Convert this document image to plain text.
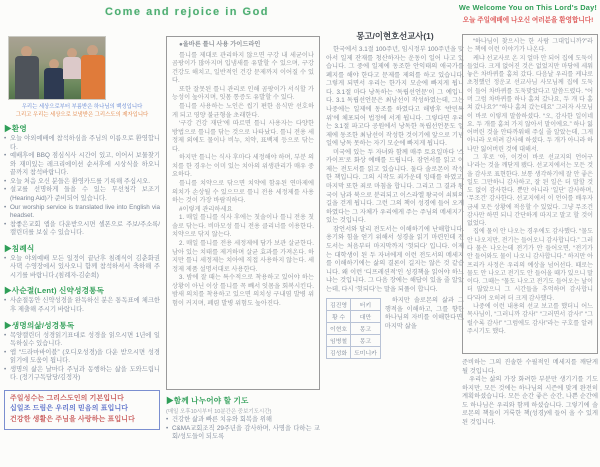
Come and rejoice in God	We Welcome You on This Lord's Day!
오늘 주일예배에 나오신 여러분을 환영합니다!
우리는 세상으로부터 부름받은 하나님의 백성입니다
그리고 우리는 세상으로 보냄받은 그리스도의 제자입니다
▶환영
• 오늘 야외예배에 참석하심을 주님의 이름으로 환영합니다.
• 예배후에 BBQ 점심식사 시간이 있고, 이어서 보물찾기와 재미있는 레크리에이션 순서후에 시상식을 하오니 끝까지 참석바랍니다.
• 오늘 처음 오신 분들은 환영카드를 기록해 주십시오.
• 설교를 선명하게 들을 수 있는 무선청각 보조기(Hearing Aid)가 준비되어 있습니다.
• Our worship service is translated live into English via headset.
• 참좋은교회 앱을 다운받으시면 셀폰으로 주보/주소록/캘린더를 보실 수 있습니다.
▶침례식
• 오늘 야외예배 모든 일정이 끝난후 침례식이 김춘화권사댁 수영장에서 있사오니 함께 참석하셔서 축하해 주시기를 바랍니다.(침례자-김순희)
▶사순절(Lent) 신약성경통독
• 사순절동안 신약성경을 완독하신 분은 통독표에 체크한 후 제출해 주시기 바랍니다.
▶생명의삶/성경통독
• 목양캘린더 성경읽기표대로 성경을 읽으시면 1년에 일독하실수 있습니다.
• 앱 “드라마바이블” (오디오성경)을 다운 받으시면 성경읽기에 도움이 됩니다.
• 생명의 삶은 날마다 주님과 동행하는 삶을 도와드립니다. (정기구독담당/김정자)
주일성수는 그리스도인의 기본입니다
십일조 드림은 우리의 믿음의 표입니다
건강한 생활은 주님을 사랑하는 표입니다

●올바른 틀니 사용 가이드라인

틀니를 제대로 관리하지 않으면 구강 내 세균이나 곰팡이가 많아지며 입냄새를 유발할 수 있으며, 구강 건강도 해치고, 일반적인 건강 문제까지 이어질 수 있다.

또한 잘못된 틀니 관리로 인해 곰팡이가 서식할 가능성이 높아지며, 잇몸 통증도 유발할 수 있다.

틀니를 사용하는 노인은 씹기 편한 음식만 선호하게 되고 영양 불균형을 초래한다.

‘구강 건강 재단’에 따르면 틀니 사용자는 다양한 방법으로 틀니를 닦는 것으로 나타났다. 틀니 전용 세정제 외에도 물이나 비누, 치약, 표백제 등으로 닦는다.

하지만 틀니는 식사 후마다 세정해야 하며, 부분 의치를 한 경우는 이미 있는 치아의 위생관리가 매우 중요하다.

틀니를 치약으로 닦으면 치약에 함유된 연마제에 의치가 손상될 수 있으므로 틀니 전용 세정제를 사용하는 것이 가장 바람직하다.

#이렇게 관리하세요

1. 매일 틀니를 식사 후에는 칫솔이나 틀니 전용 칫솔로 닦는다. 비마모성 틀니 전용 클리너를 이용한다. 치약으로 닦지 않는다.

2. 매일 틀니를 전용 세정제에 담가 보관 살균한다. 남아 있는 치태를 제거하며 살균 효과를 가져온다. 하지만 틀니 세정제는 치아에 직접 사용하지 않는다. 세정제 제품 설명서대로 사용한다.

3. 밤에 잘 때는 특수적으로 착용하고 있어야 하는 상황이 아닌 이상 틀니를 꼭 빼서 잇몸을 회복시킨다. 밤새 의치를 착용하고 있으면 의치성 구내염 발병 위험이 커지며, 폐렴 발병 위험도 높아진다.

▶함께 나누어야 할 기도
(매일 오후10시부터 10분간은 중보기도시간)
• 건강한 삶과 빠른 치유와 회복을 위해
• C&MA교회조직 29주년을 감사하며, 사명을 다하는 교회/성도들이 되도록
몽고/이현호선교사(1)

한국에서 3.1절 100주년, 임시정부 100주년을 맞아서 일제 잔재를 청산하자는 운동이 일어 나고 있습니다. 그 중에 일제에 동조한 안익태의 애국가를 폐지를 해야 한다고 문제를 제의를 하고 있습니다. 그렇게 되면서 우리는 한가지 모순에 빠지게 됩니다. 3.1절 마다 낭독하는 ‘독립선언문’이 그 예입니다. 3.1 독립선언문은 최남선이 작성하였는데, 그는 나중에는 일제에 동조를 하였다고 해방후 ‘반민특위’에 체포되어 법정에 서게 됩니다. 그렇다면 우리는 3.1절 파고다 공원에서 낭독한 독립선언문도 일제에 동조한 최남선이 작성한 것이기에 앞으로 기념일에 낭독 못하는 자기 모순에 빠지게 됩니다.

미국에 있는 두 자녀와 함께 매주 토요일마다 ‘스카이프’로 화상 예배를 드립니다. 잠언서를 읽고 이제는 전도서를 읽고 있습니다. 둘다 솔로몬이 작성한 책입니다. 그의 시작도 죄가운데 잉태를 하였고, 마지막 또한 죄로 마침을 합니다. 그리고 그 결과 왕국이 남과 북으로 분리되고 이스라엘 왕국이 쇠퇴의 길을 걷게 됩니다. 그런 그의 책이 성경에 들어 오게 하였다는 그 자체가 우리에게 주는 주님의 메세지가 있는 것입니다.

잠언서와 달리 전도서는 이해하기에 난해합니다. 용기와 힘을 얻기 위해서 성경을 읽기 마련인데 전도서는 처음부터 마지막까지 ‘헛되다’ 입니다. 이제는 대학생이 된 두 자녀에게 이런 전도서의 메세지를 이해하기에는 삶의 결론이 길지는 않은 것 같습니다. 왜 이런 ‘디프레션적’인 성경책을 읽어야 하느냐는 것입니다. 그 다음 장에는 해답이 있을 줄 알았는데, 다시 ‘헛되다’는 말을 되풀이 합니다.

김진영	터키
황 수	대만
이현호	몽고
임병철	몽고
김성화	도미니카

하지만 솔로몬의 삶과 그 행적을 이해하고, 그를 향한 하나님의 자비를 이해한다면, 마지막 삶을

“하나님이 찾으시는 한 사람 그대입니까?”라는 책에 이런 이야기가 나온다.

케냐 선교사로 온 지 얼마 안 되어 집에 도둑이 들었다. 크게 없어진 것은 없었지만 마당에 세워 놓은 차바퀴를 훔쳐 갔다. 다음날 우리를 케냐로 초청했던 정운교 선교사님 사모님께 집에 도둑이 들어 차바퀴를 도둑맞았다고 말씀드렸다. “어머 그럼 차바퀴를 하나 훔쳐 갔나요, 두 개 다 훔쳐 갔나요?” “하나 훔쳐 갔는데요” 그러자 사모님이 바로 이렇게 말씀하셨다. “오, 감사한 일이네요. 두 개를 훔쳐 가지 않아서 말이에요.” 하나 잃어버린 것을 안타까워해 주실 줄 알았는데, 그게 아니라 오히려 감사해 하셨다. 두 개가 아니라 하나만 잃어버린 것에 대해서.

그 후로 ‘아, 이것이 바로 선교지의 언어구나’라는 것을 깨닫게 됐다. 선교지에서는 모든 것을 감사로 표현한다. 보통 생각하기에 잘 안 좋은 일도 그만하니 감사하고, 잘 된 일은 더 말할 것도 없이 감사한다. 뿐만 아니라 ‘일단’ 감사하며, ‘무조건’ 감사한다. 선교지에서 이 언어를 배우자 금세 모든 상황에 적응할 수 있었다. 그냥 무조건 감사만 하면 되니 간단하게 따지고 말고 할 것이 없었다.

집에 물이 안 나오는 경우에도 감사했다. “물도 안 나오지만, 전기는 들어오니 감사합니다.” 그러다 물은 나오는데 전기가 안 들어오면, “전기가 안 들어와도 물이 나오니 감사합니다.” 하지만 아프리카 사정은 우리의 예상을 넘어선다. 때로는 물도 안 나오고 전기도 안 들어올 때가 있으니 말이다. 그때는 “물도 나오고 전기도 들어오는 날이 더 많았으니 그 시간들을 추억하며 감사합니다”라며 오히려 더 크게 감사했다.

나중에 이런 내용의 선교 보고를 했더니 어느 목사님이, “그러니까 감사!” “그러면서 감사!” “그럴수록 감사!” “그럼에도 감사!”라는 구호를 알려 주시기도 했다.

준비하는 그의 진솔한 수필적인 메세지를 깨닫게 될 것입니다.

우리는 삶의 가장 화려한 부분만 생기기를 기도하지만, 모든 것에는 하나님의 시즌에 맞게 완전히 계획하셨습니다. 모든 순간 좋은 순간, 나쁜 순간에도 하나님은 우리와 함께 하셨습니다. 그렇기에 솔로몬의 책들이 거룩한 책(성경)에 들어 올 수 있게 된 것입니다.
